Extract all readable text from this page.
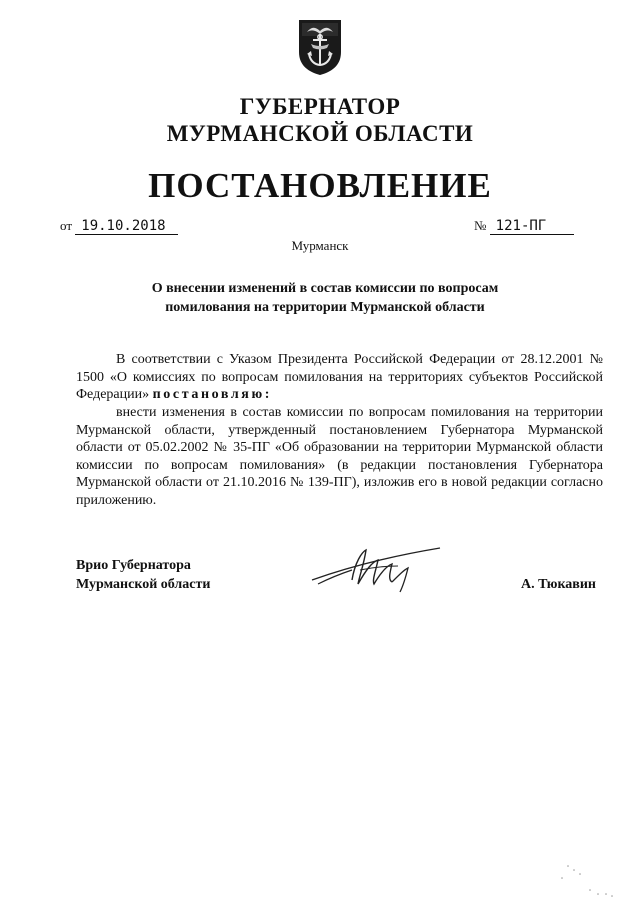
ГУБЕРНАТОР
МУРМАНСКОЙ ОБЛАСТИ
ПОСТАНОВЛЕНИЕ
от 19.10.2018	№ 121-ПГ
Мурманск
О внесении изменений в состав комиссии по вопросам
помилования на территории Мурманской области
В соответствии с Указом Президента Российской Федерации от 28.12.2001 № 1500 «О комиссиях по вопросам помилования на территориях субъектов Российской Федерации» постановляю:
внести изменения в состав комиссии по вопросам помилования на территории Мурманской области, утвержденный постановлением Губернатора Мурманской области от 05.02.2002 № 35-ПГ «Об образовании на территории Мурманской области комиссии по вопросам помилования» (в редакции постановления Губернатора Мурманской области от 21.10.2016 № 139-ПГ), изложив его в новой редакции согласно приложению.
Врио Губернатора
Мурманской области	А. Тюкавин
